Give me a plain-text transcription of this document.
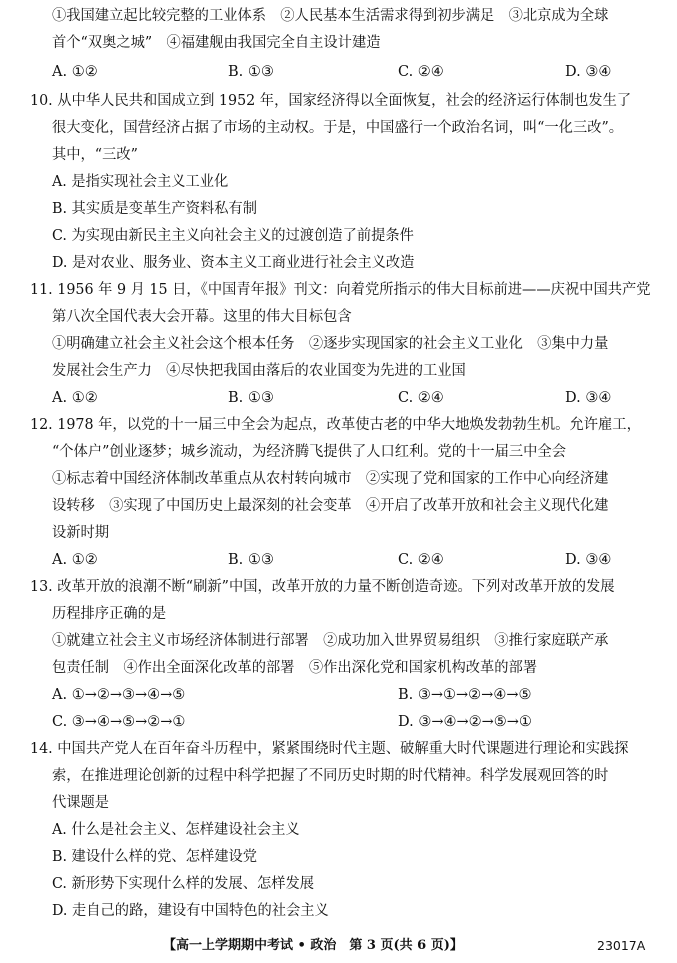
①我国建立起比较完整的工业体系　②人民基本生活需求得到初步满足　③北京成为全球
首个“双奥之城”　④福建舰由我国完全自主设计建造
A. ①②	B. ①③	C. ②④	D. ③④
10. 从中华人民共和国成立到 1952 年，国家经济得以全面恢复，社会的经济运行体制也发生了
很大变化，国营经济占据了市场的主动权。于是，中国盛行一个政治名词，叫“一化三改”。
其中，“三改”
A. 是指实现社会主义工业化
B. 其实质是变革生产资料私有制
C. 为实现由新民主主义向社会主义的过渡创造了前提条件
D. 是对农业、服务业、资本主义工商业进行社会主义改造
11. 1956 年 9 月 15 日，《中国青年报》刊文：向着党所指示的伟大目标前进——庆祝中国共产党
第八次全国代表大会开幕。这里的伟大目标包含
①明确建立社会主义社会这个根本任务　②逐步实现国家的社会主义工业化　③集中力量
发展社会生产力　④尽快把我国由落后的农业国变为先进的工业国
A. ①②	B. ①③	C. ②④	D. ③④
12. 1978 年，以党的十一届三中全会为起点，改革使古老的中华大地焕发勃勃生机。允许雇工，
“个体户”创业逐梦；城乡流动，为经济腾飞提供了人口红利。党的十一届三中全会
①标志着中国经济体制改革重点从农村转向城市　②实现了党和国家的工作中心向经济建
设转移　③实现了中国历史上最深刻的社会变革　④开启了改革开放和社会主义现代化建
设新时期
A. ①②	B. ①③	C. ②④	D. ③④
13. 改革开放的浪潮不断“刷新”中国，改革开放的力量不断创造奇迹。下列对改革开放的发展
历程排序正确的是
①就建立社会主义市场经济体制进行部署　②成功加入世界贸易组织　③推行家庭联产承
包责任制　④作出全面深化改革的部署　⑤作出深化党和国家机构改革的部署
A. ①→②→③→④→⑤	B. ③→①→②→④→⑤
C. ③→④→⑤→②→①	D. ③→④→②→⑤→①
14. 中国共产党人在百年奋斗历程中，紧紧围绕时代主题、破解重大时代课题进行理论和实践探
索，在推进理论创新的过程中科学把握了不同历史时期的时代精神。科学发展观回答的时
代课题是
A. 什么是社会主义、怎样建设社会主义
B. 建设什么样的党、怎样建设党
C. 新形势下实现什么样的发展、怎样发展
D. 走自己的路，建设有中国特色的社会主义
【高一上学期期中考试 • 政治　第 3 页(共 6 页)】	23017A
